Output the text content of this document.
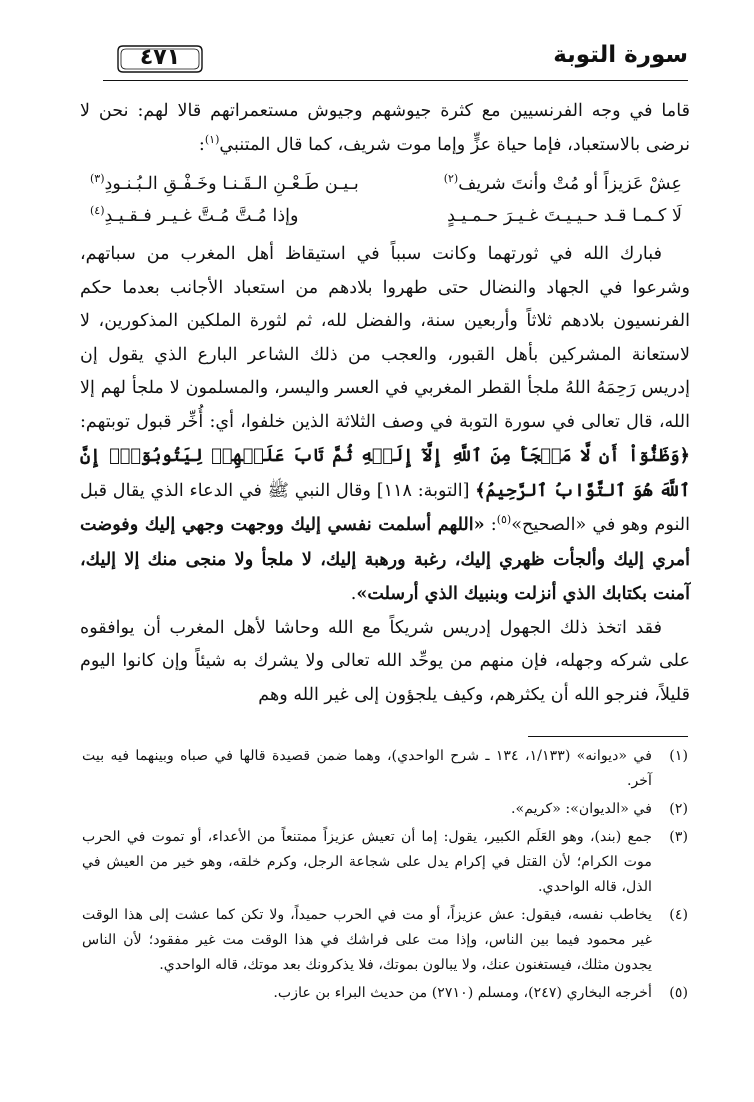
سورة التوبة
٤٧١

قاما في وجه الفرنسيين مع كثرة جيوشهم وجيوش مستعمراتهم قالا لهم: نحن لا نرضى بالاستعباد، فإما حياة عزٍّ وإما موت شريف، كما قال المتنبي$^{(١)}$:

عِشْ عَزيزاً أو مُتْ وأنتَ شريف$^{(٢)}$
بـيـن طَـعْـنِ الـقَـنـا وخَـفْـقِ الـبُـنـودِ$^{(٣)}$
لَا كـمـا قـد حـيـيـتَ غـيـرَ حـمـيـدٍ
وإذا مُـتَّ مُـتَّ غـيـر فـقـيـدِ$^{(٤)}$

فبارك الله في ثورتهما وكانت سبباً في استيقاظ أهل المغرب من سباتهم، وشرعوا في الجهاد والنضال حتى طهروا بلادهم من استعباد الأجانب بعدما حكم الفرنسيون بلادهم ثلاثاً وأربعين سنة، والفضل لله، ثم لثورة الملكين المذكورين، لا لاستعانة المشركين بأهل القبور، والعجب من ذلك الشاعر البارع الذي يقول إن إدريس رَحِمَهُ اللهُ ملجأ القطر المغربي في العسر واليسر، والمسلمون لا ملجأ لهم إلا الله، قال تعالى في سورة التوبة في وصف الثلاثة الذين خلفوا، أي: أُخِّر قبول توبتهم: ﴿وَظَنُّوٓاْ أَن لَّا مَلۡجَأَ مِنَ ٱللَّهِ إِلَّآ إِلَيۡهِ ثُمَّ تَابَ عَلَيۡهِمۡ لِيَتُوبُوٓاْۚ إِنَّ ٱللَّهَ هُوَ ٱلتَّوَّابُ ٱلرَّحِيمُ﴾ [التوبة: ١١٨] وقال النبي ﷺ في الدعاء الذي يقال قبل النوم وهو في «الصحيح»$^{(٥)}$: «اللهم أسلمت نفسي إليك ووجهت وجهي إليك وفوضت أمري إليك وألجأت ظهري إليك، رغبة ورهبة إليك، لا ملجأ ولا منجى منك إلا إليك، آمنت بكتابك الذي أنزلت وبنبيك الذي أرسلت».

فقد اتخذ ذلك الجهول إدريس شريكاً مع الله وحاشا لأهل المغرب أن يوافقوه على شركه وجهله، فإن منهم من يوحِّد الله تعالى ولا يشرك به شيئاً وإن كانوا اليوم قليلاً، فنرجو الله أن يكثرهم، وكيف يلجؤون إلى غير الله وهم

(١)
في «ديوانه» (١/١٣٣، ١٣٤ ـ شرح الواحدي)، وهما ضمن قصيدة قالها في صباه وبينهما فيه بيت آخر.
(٢)
في «الديوان»: «كريم».
(٣)
جمع (بند)، وهو العَلَم الكبير، يقول: إما أن تعيش عزيزاً ممتنعاً من الأعداء، أو تموت في الحرب موت الكرام؛ لأن القتل في إكرام يدل على شجاعة الرجل، وكرم خلقه، وهو خير من العيش في الذل، قاله الواحدي.
(٤)
يخاطب نفسه، فيقول: عش عزيزاً، أو مت في الحرب حميداً، ولا تكن كما عشت إلى هذا الوقت غير محمود فيما بين الناس، وإذا مت على فراشك في هذا الوقت مت غير مفقود؛ لأن الناس يجدون مثلك، فيستغنون عنك، ولا يبالون بموتك، فلا يذكرونك بعد موتك، قاله الواحدي.
(٥)
أخرجه البخاري (٢٤٧)، ومسلم (٢٧١٠) من حديث البراء بن عازب.
